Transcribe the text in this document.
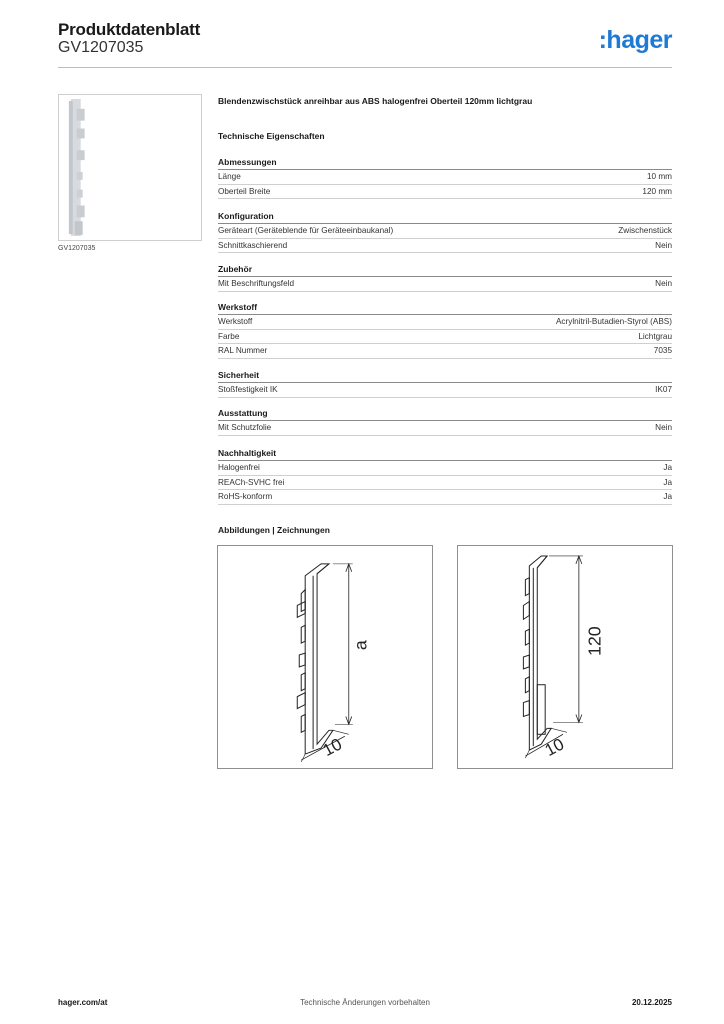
Produktdatenblatt
GV1207035	:hager
GV1207035
Blendenzwischstück anreihbar aus ABS halogenfrei Oberteil 120mm lichtgrau
Technische Eigenschaften
Abmessungen
Länge	10 mm
Oberteil Breite	120 mm
Konfiguration
Geräteart (Geräteblende für Geräteeinbaukanal)	Zwischenstück
Schnittkaschierend	Nein
Zubehör
Mit Beschriftungsfeld	Nein
Werkstoff
Werkstoff	Acrylnitril-Butadien-Styrol (ABS)
Farbe	Lichtgrau
RAL Nummer	7035
Sicherheit
Stoßfestigkeit IK	IK07
Ausstattung
Mit Schutzfolie	Nein
Nachhaltigkeit
Halogenfrei	Ja
REACh-SVHC frei	Ja
RoHS-konform	Ja
Abbildungen | Zeichnungen
a
10
120
10
Technische Änderungen vorbehalten
hager.com/at	20.12.2025
